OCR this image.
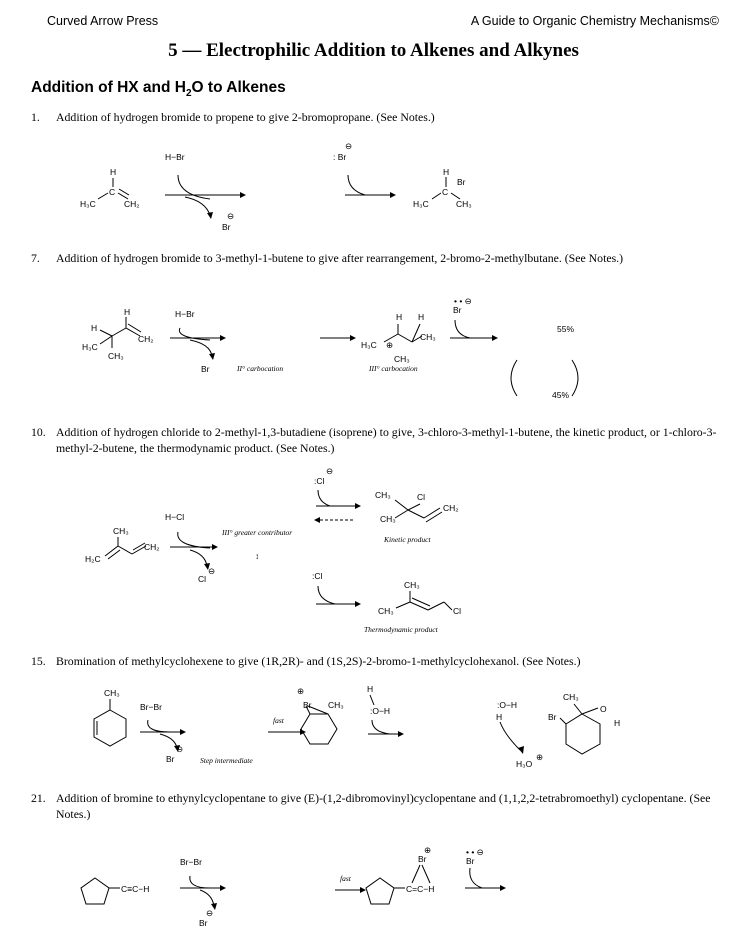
Curved Arrow Press	A Guide to Organic Chemistry Mechanisms©
5 — Electrophilic Addition to Alkenes and Alkynes
Addition of HX and $H_2O$ to Alkenes
1. Addition of hydrogen bromide to propene to give 2-bromopropane. (See Notes.)
7. Addition of hydrogen bromide to 3-methyl-1-butene to give after rearrangement, 2-bromo-2-methylbutane. (See Notes.)
10. Addition of hydrogen chloride to 2-methyl-1,3-butadiene (isoprene) to give, 3-chloro-3-methyl-1-butene, the kinetic product, or 1-chloro-3-methyl-2-butene, the thermodynamic product. (See Notes.)
15. Bromination of methylcyclohexene to give (1R,2R)- and (1S,2S)-2-bromo-1-methylcyclohexanol. (See Notes.)
21. Addition of bromine to ethynylcyclopentane to give (E)-(1,2-dibromovinyl)cyclopentane and (1,1,2,2-tetrabromoethyl) cyclopentane. (See Notes.)
H
C
H₃C	CH₂
H−Br
Br
⊖
: Br
⊖
H
Br
C
H₃C	CH₃
H
H
CH₂
H₃C
CH₃
H−Br
Br	II° carbocation
H H
CH₃
H₃C ⊕
CH₃
III° carbocation
Br
• • ⊖
55%
45%
CH₃
CH₂
H₂C
H−Cl
Cl
⊖
III° greater contributor
↕
:Cl
⊖
CH₃
CH₃
Cl
CH₂
Kinetic product
:Cl
CH₃
Cl
CH₃
Thermodynamic product
CH₃
Br−Br
Br
⊖
Step intermediate
fast
⊕
Br CH₃
H
:O−H
:O−H
H
H₃O
⊕
CH₃
Br
O
H
C≡C−H
Br−Br
Br
⊖
fast
C=C−H
Br
⊕
Br
• • ⊖
